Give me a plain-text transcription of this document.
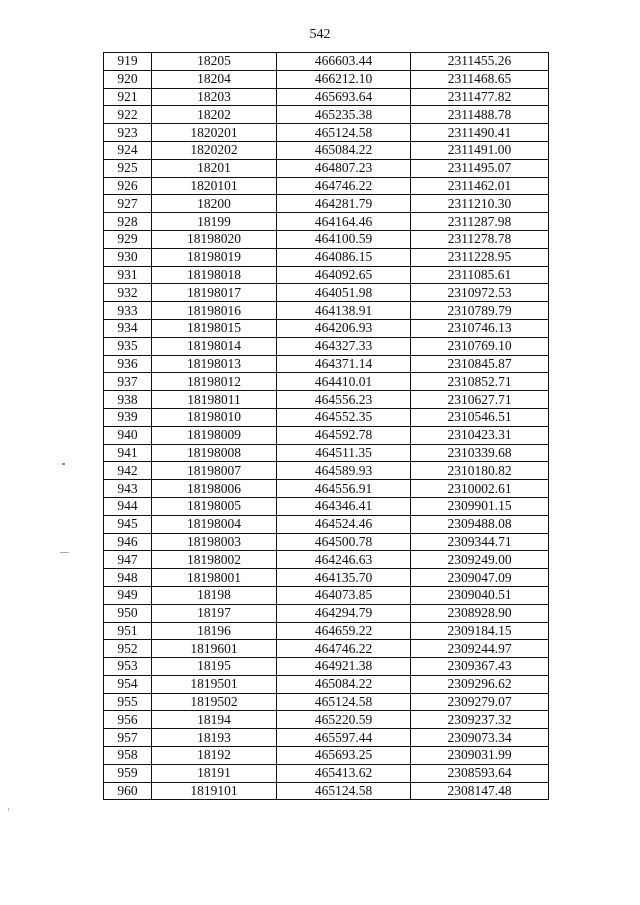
542
919	18205	466603.44	2311455.26
920	18204	466212.10	2311468.65
921	18203	465693.64	2311477.82
922	18202	465235.38	2311488.78
923	1820201	465124.58	2311490.41
924	1820202	465084.22	2311491.00
925	18201	464807.23	2311495.07
926	1820101	464746.22	2311462.01
927	18200	464281.79	2311210.30
928	18199	464164.46	2311287.98
929	18198020	464100.59	2311278.78
930	18198019	464086.15	2311228.95
931	18198018	464092.65	2311085.61
932	18198017	464051.98	2310972.53
933	18198016	464138.91	2310789.79
934	18198015	464206.93	2310746.13
935	18198014	464327.33	2310769.10
936	18198013	464371.14	2310845.87
937	18198012	464410.01	2310852.71
938	18198011	464556.23	2310627.71
939	18198010	464552.35	2310546.51
940	18198009	464592.78	2310423.31
941	18198008	464511.35	2310339.68
942	18198007	464589.93	2310180.82
943	18198006	464556.91	2310002.61
944	18198005	464346.41	2309901.15
945	18198004	464524.46	2309488.08
946	18198003	464500.78	2309344.71
947	18198002	464246.63	2309249.00
948	18198001	464135.70	2309047.09
949	18198	464073.85	2309040.51
950	18197	464294.79	2308928.90
951	18196	464659.22	2309184.15
952	1819601	464746.22	2309244.97
953	18195	464921.38	2309367.43
954	1819501	465084.22	2309296.62
955	1819502	465124.58	2309279.07
956	18194	465220.59	2309237.32
957	18193	465597.44	2309073.34
958	18192	465693.25	2309031.99
959	18191	465413.62	2308593.64
960	1819101	465124.58	2308147.48
